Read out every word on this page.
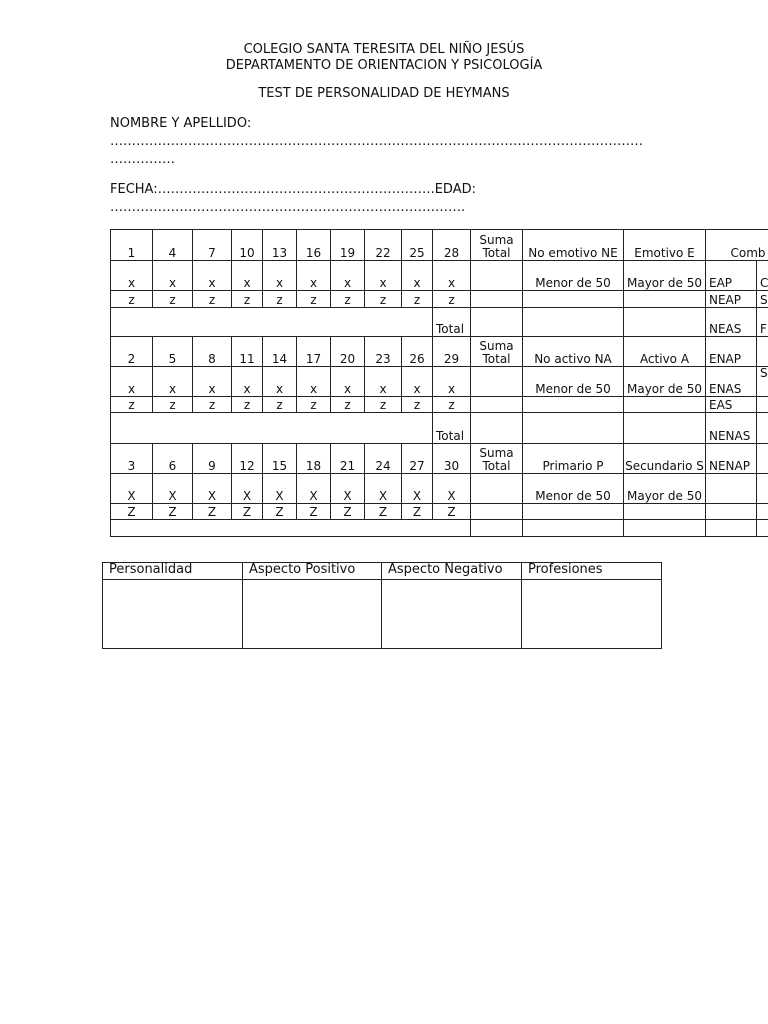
COLEGIO SANTA TERESITA DEL NIÑO JESÚS
DEPARTAMENTO DE ORIENTACION Y PSICOLOGÍA
TEST DE PERSONALIDAD DE HEYMANS
NOMBRE Y APELLIDO:
……………………………………………………………………………………………………………
……………
FECHA:……………………………………………………….EDAD:
……………………………………………………………………….
1	4	7	10	13	16	19	22	25	28	Suma Total	No emotivo NE	Emotivo E	Comb	
x	x	x	x	x	x	x	x	x	x		Menor de 50	Mayor de 50	EAP	C
z	z	z	z	z	z	z	z	z	z				NEAP	S
									Total				NEAS	F
2	5	8	11	14	17	20	23	26	29	Suma Total	No activo NA	Activo A	ENAP	
x	x	x	x	x	x	x	x	x	x		Menor de 50	Mayor de 50	ENAS	S
z	z	z	z	z	z	z	z	z	z				EAS	
									Total				NENAS	
3	6	9	12	15	18	21	24	27	30	Suma Total	Primario P	Secundario S	NENAP	
X	X	X	X	X	X	X	X	X	X		Menor de 50	Mayor de 50		
Z	Z	Z	Z	Z	Z	Z	Z	Z	Z					

Personalidad	Aspecto Positivo	Aspecto Negativo	Profesiones
